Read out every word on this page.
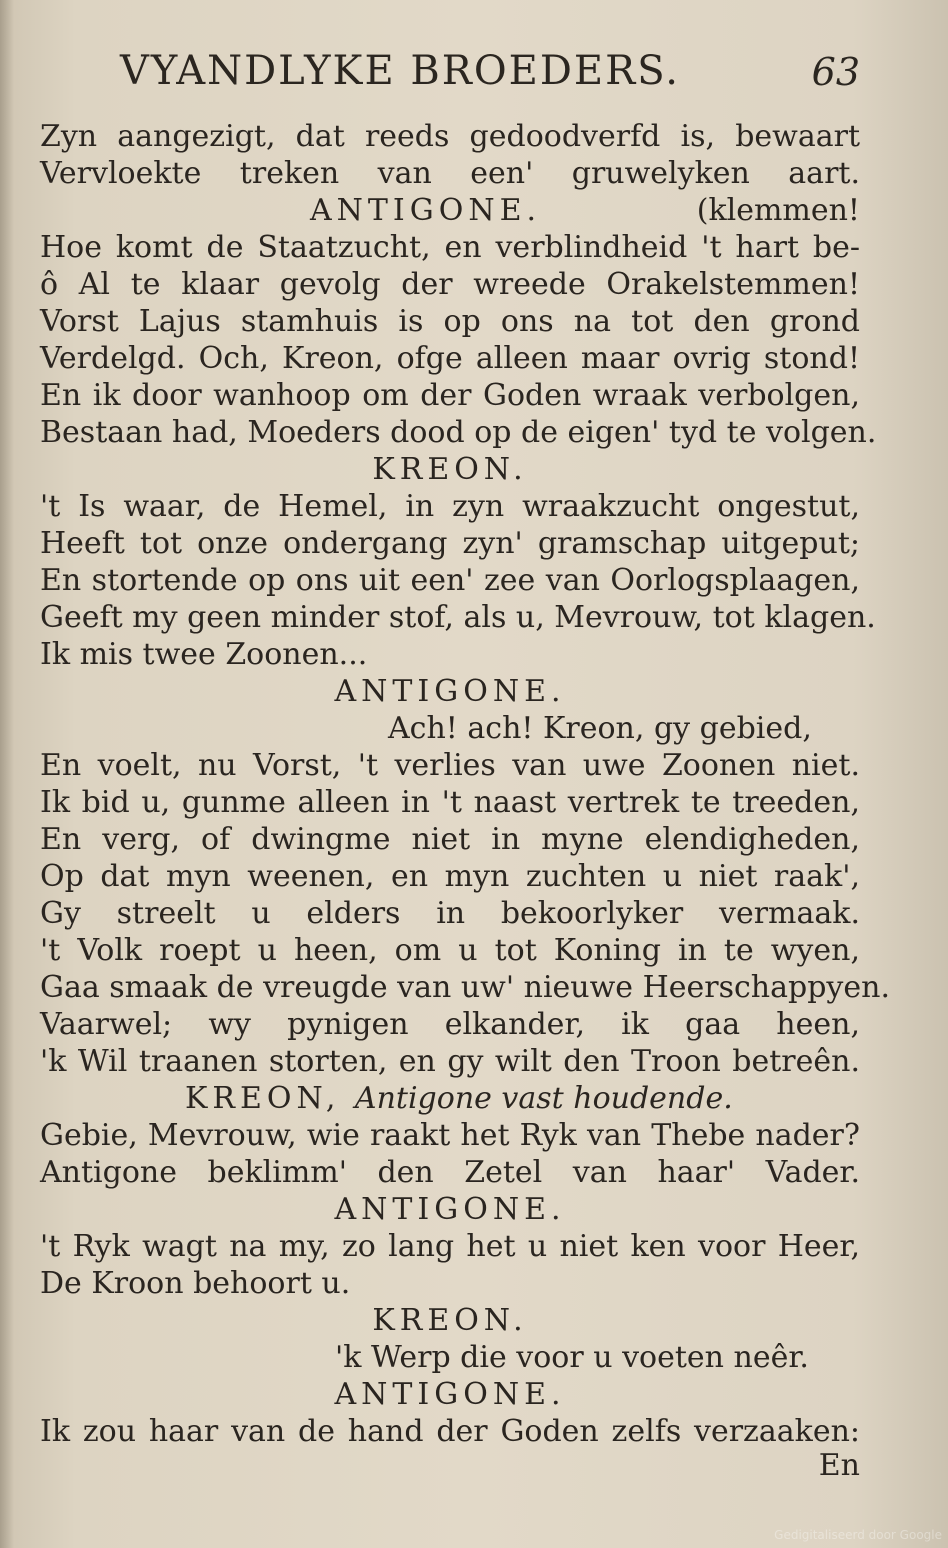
VYANDLYKE BROEDERS.	63
Zyn aangezigt, dat reeds gedoodverfd is, bewaart
Vervloekte treken van een' gruwelyken aart.
ANTIGONE.	(klemmen!
Hoe komt de Staatzucht, en verblindheid 't hart be-
ô Al te klaar gevolg der wreede Orakelstemmen!
Vorst Lajus stamhuis is op ons na tot den grond
Verdelgd. Och, Kreon, ofge alleen maar ovrig stond!
En ik door wanhoop om der Goden wraak verbolgen,
Bestaan had, Moeders dood op de eigen' tyd te volgen.
KREON.
't Is waar, de Hemel, in zyn wraakzucht ongestut,
Heeft tot onze ondergang zyn' gramschap uitgeput;
En stortende op ons uit een' zee van Oorlogsplaagen,
Geeft my geen minder stof, als u, Mevrouw, tot klagen.
Ik mis twee Zoonen...
ANTIGONE.
Ach! ach! Kreon, gy gebied,
En voelt, nu Vorst, 't verlies van uwe Zoonen niet.
Ik bid u, gunme alleen in 't naast vertrek te treeden,
En verg, of dwingme niet in myne elendigheden,
Op dat myn weenen, en myn zuchten u niet raak',
Gy streelt u elders in bekoorlyker vermaak.
't Volk roept u heen, om u tot Koning in te wyen,
Gaa smaak de vreugde van uw' nieuwe Heerschappyen.
Vaarwel; wy pynigen elkander, ik gaa heen,
'k Wil traanen storten, en gy wilt den Troon betreên.
KREON, Antigone vast houdende.
Gebie, Mevrouw, wie raakt het Ryk van Thebe nader?
Antigone beklimm' den Zetel van haar' Vader.
ANTIGONE.
't Ryk wagt na my, zo lang het u niet ken voor Heer,
De Kroon behoort u.
KREON.
'k Werp die voor u voeten neêr.
ANTIGONE.
Ik zou haar van de hand der Goden zelfs verzaaken:
En
Gedigitaliseerd door Google
